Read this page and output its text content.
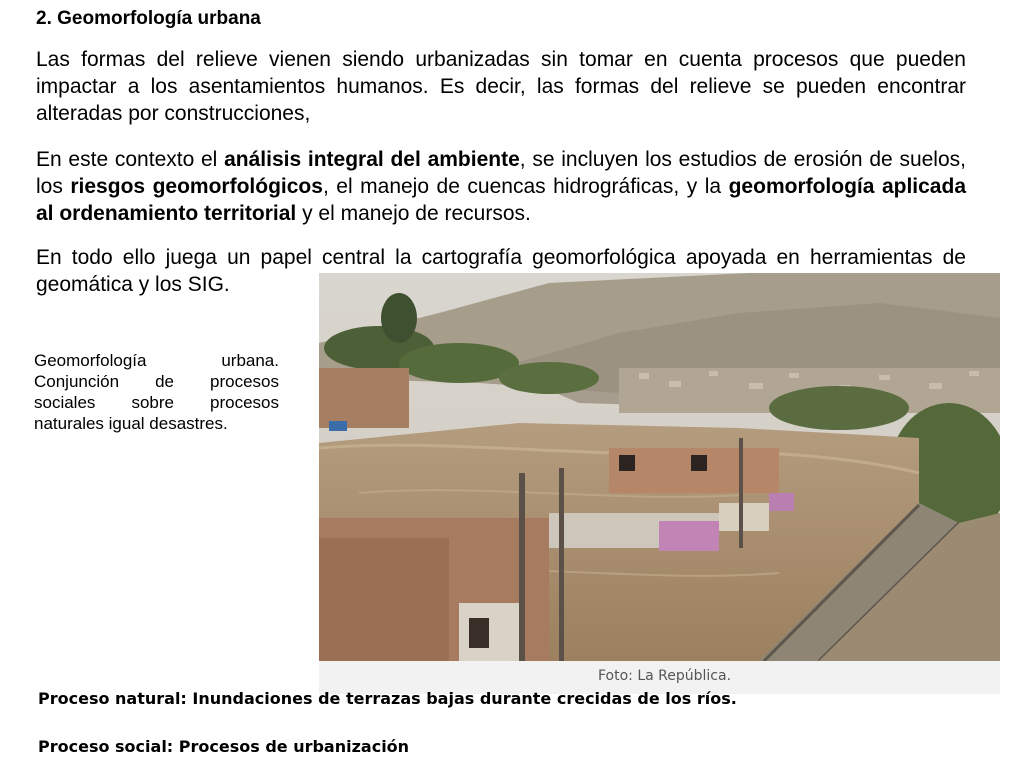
2. Geomorfología urbana

Las formas del relieve vienen siendo urbanizadas sin tomar en cuenta procesos que pueden impactar a los asentamientos humanos. Es decir, las formas del relieve se pueden encontrar alteradas por construcciones,

En este contexto el análisis integral del ambiente, se incluyen los estudios de erosión de suelos, los riesgos geomorfológicos, el manejo de cuencas hidrográficas, y la geomorfología aplicada al ordenamiento territorial y el manejo de recursos.

En todo ello juega un papel central la cartografía geomorfológica apoyada en herramientas de geomática y los SIG.

Geomorfología urbana. Conjunción de procesos sociales sobre procesos naturales igual desastres.

Foto: La República.

Proceso natural: Inundaciones de terrazas bajas durante crecidas de los ríos.

Proceso social: Procesos de urbanización
